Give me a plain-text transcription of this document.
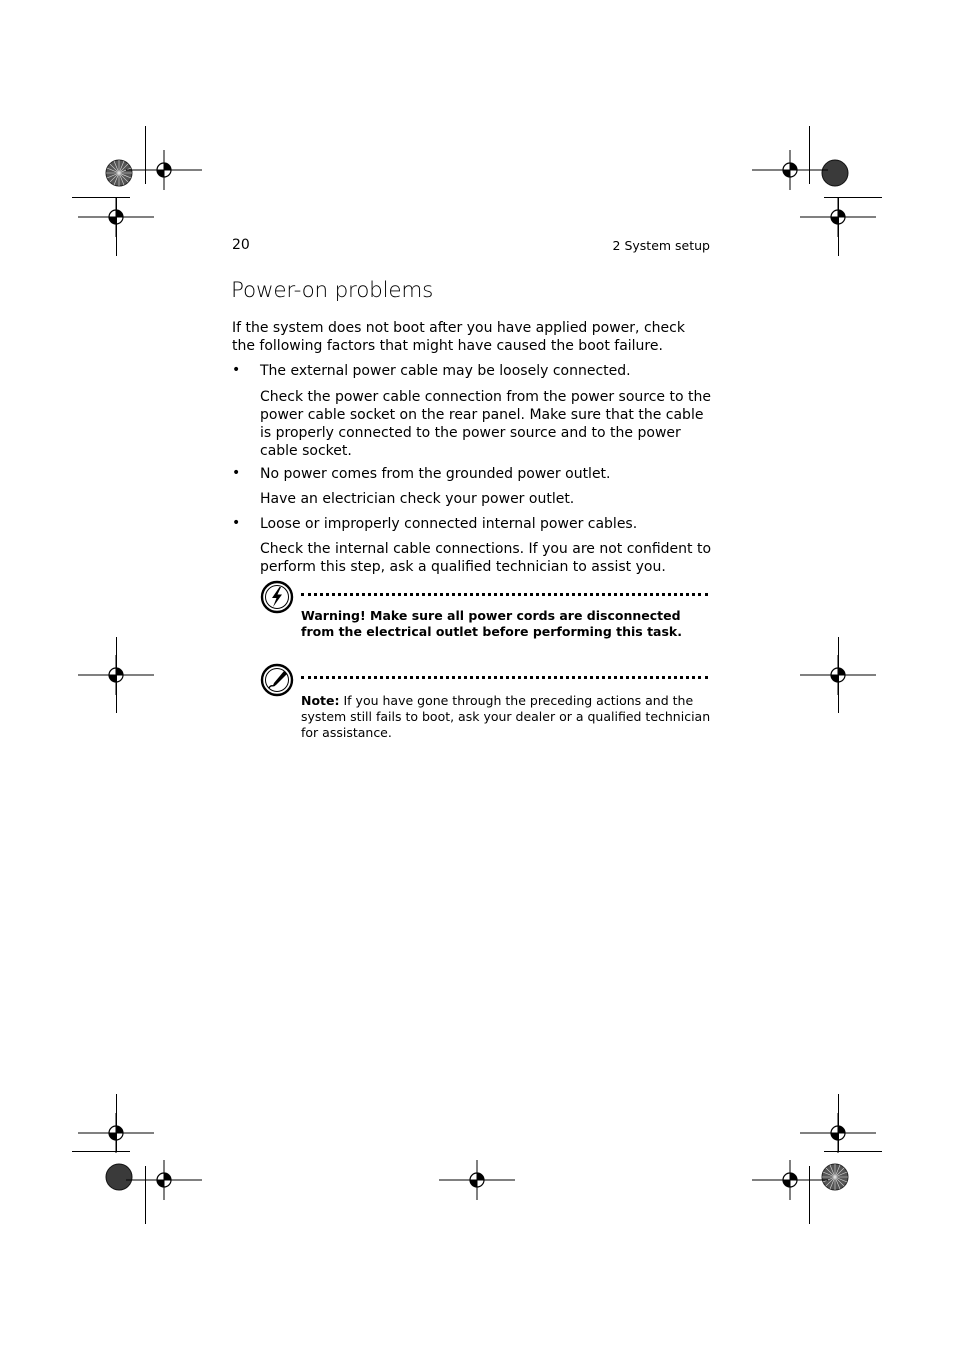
20	2 System setup
Power-on problems
If the system does not boot after you have applied power, check the following factors that might have caused the boot failure.
• The external power cable may be loosely connected.
Check the power cable connection from the power source to the power cable socket on the rear panel. Make sure that the cable is properly connected to the power source and to the power cable socket.
• No power comes from the grounded power outlet.
Have an electrician check your power outlet.
• Loose or improperly connected internal power cables.
Check the internal cable connections. If you are not confident to perform this step, ask a qualified technician to assist you.
Warning! Make sure all power cords are disconnected from the electrical outlet before performing this task.
Note: If you have gone through the preceding actions and the system still fails to boot, ask your dealer or a qualified technician for assistance.
